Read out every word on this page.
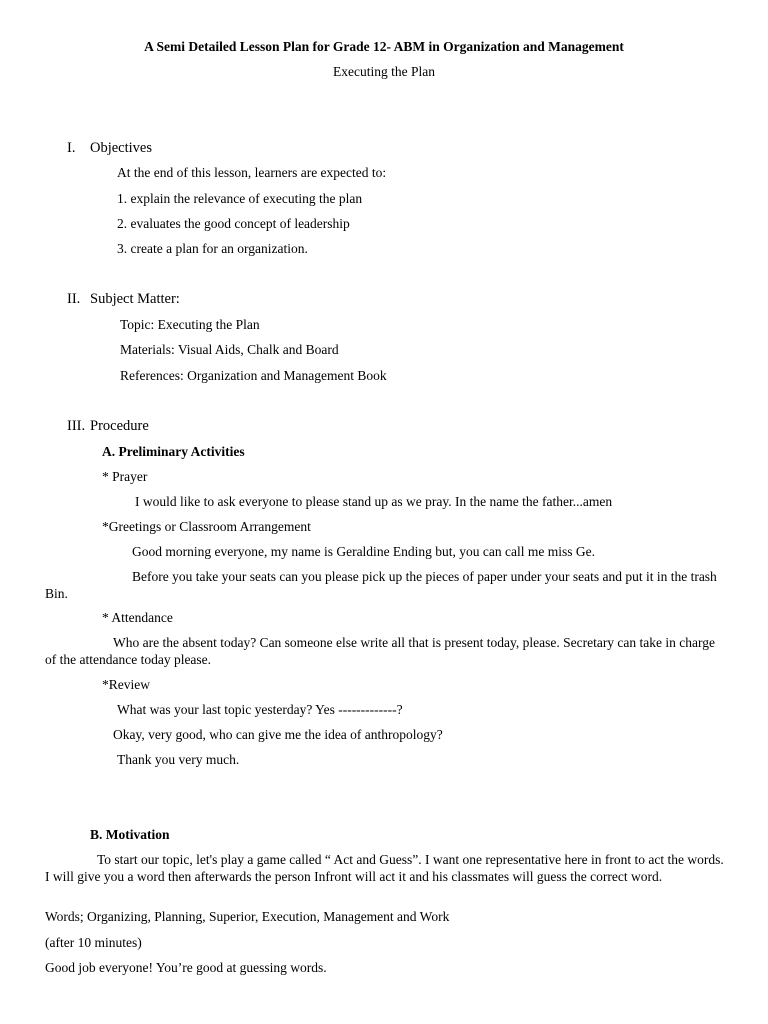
A Semi Detailed Lesson Plan for Grade 12- ABM in Organization and Management
Executing the Plan
I. Objectives
At the end of this lesson, learners are expected to:
1. explain the relevance of executing the plan
2. evaluates the good concept of leadership
3. create a plan for an organization.
II. Subject Matter:
Topic: Executing the Plan
Materials: Visual Aids, Chalk and Board
References: Organization and Management Book
III. Procedure
A. Preliminary Activities
* Prayer
I would like to ask everyone to please stand up as we pray. In the name the father...amen
*Greetings or Classroom Arrangement
Good morning everyone, my name is Geraldine Ending but, you can call me miss Ge.
Before you take your seats can you please pick up the pieces of paper under your seats and put it in the trash Bin.
* Attendance
Who are the absent today? Can someone else write all that is present today, please. Secretary can take in charge of the attendance today please.
*Review
What was your last topic yesterday? Yes -------------?
Okay, very good, who can give me the idea of anthropology?
Thank you very much.
B. Motivation
To start our topic, let's play a game called “ Act and Guess”. I want one representative here in front to act the words. I will give you a word then afterwards the person Infront will act it and his classmates will guess the correct word.
Words; Organizing, Planning, Superior, Execution, Management and Work
(after 10 minutes)
Good job everyone! You’re good at guessing words.
